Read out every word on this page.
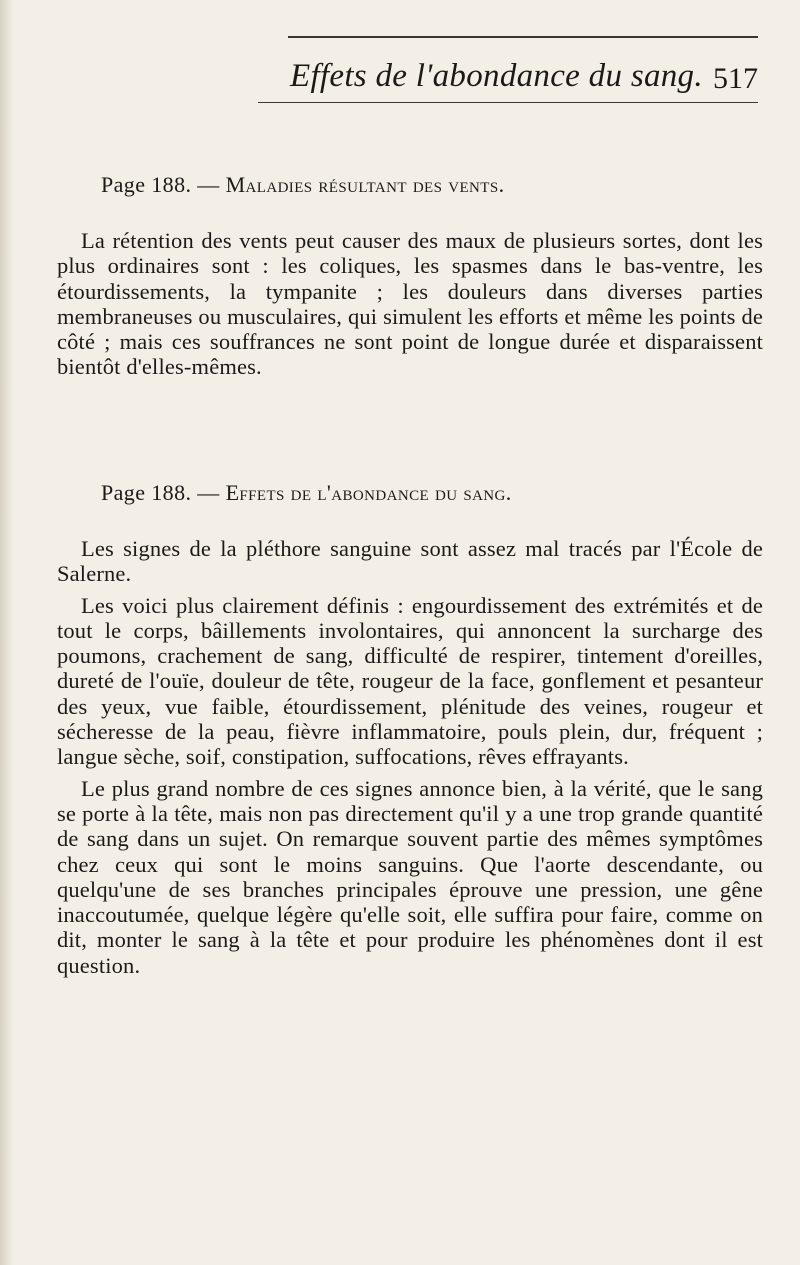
Effets de l'abondance du sang. 517

Page 188. — Maladies résultant des vents.

La rétention des vents peut causer des maux de plusieurs sortes, dont les plus ordinaires sont : les coliques, les spasmes dans le bas-ventre, les étourdissements, la tympanite ; les douleurs dans diverses parties membraneuses ou musculaires, qui simulent les efforts et même les points de côté ; mais ces souffrances ne sont point de longue durée et disparaissent bientôt d'elles-mêmes.

Page 188. — Effets de l'abondance du sang.

Les signes de la pléthore sanguine sont assez mal tracés par l'École de Salerne.

Les voici plus clairement définis : engourdissement des extrémités et de tout le corps, bâillements involontaires, qui annoncent la surcharge des poumons, crachement de sang, difficulté de respirer, tintement d'oreilles, dureté de l'ouïe, douleur de tête, rougeur de la face, gonflement et pesanteur des yeux, vue faible, étourdissement, plénitude des veines, rougeur et sécheresse de la peau, fièvre inflammatoire, pouls plein, dur, fréquent ; langue sèche, soif, constipation, suffocations, rêves effrayants.

Le plus grand nombre de ces signes annonce bien, à la vérité, que le sang se porte à la tête, mais non pas directement qu'il y a une trop grande quantité de sang dans un sujet. On remarque souvent partie des mêmes symptômes chez ceux qui sont le moins sanguins. Que l'aorte descendante, ou quelqu'une de ses branches principales éprouve une pression, une gêne inaccoutumée, quelque légère qu'elle soit, elle suffira pour faire, comme on dit, monter le sang à la tête et pour produire les phénomènes dont il est question.
